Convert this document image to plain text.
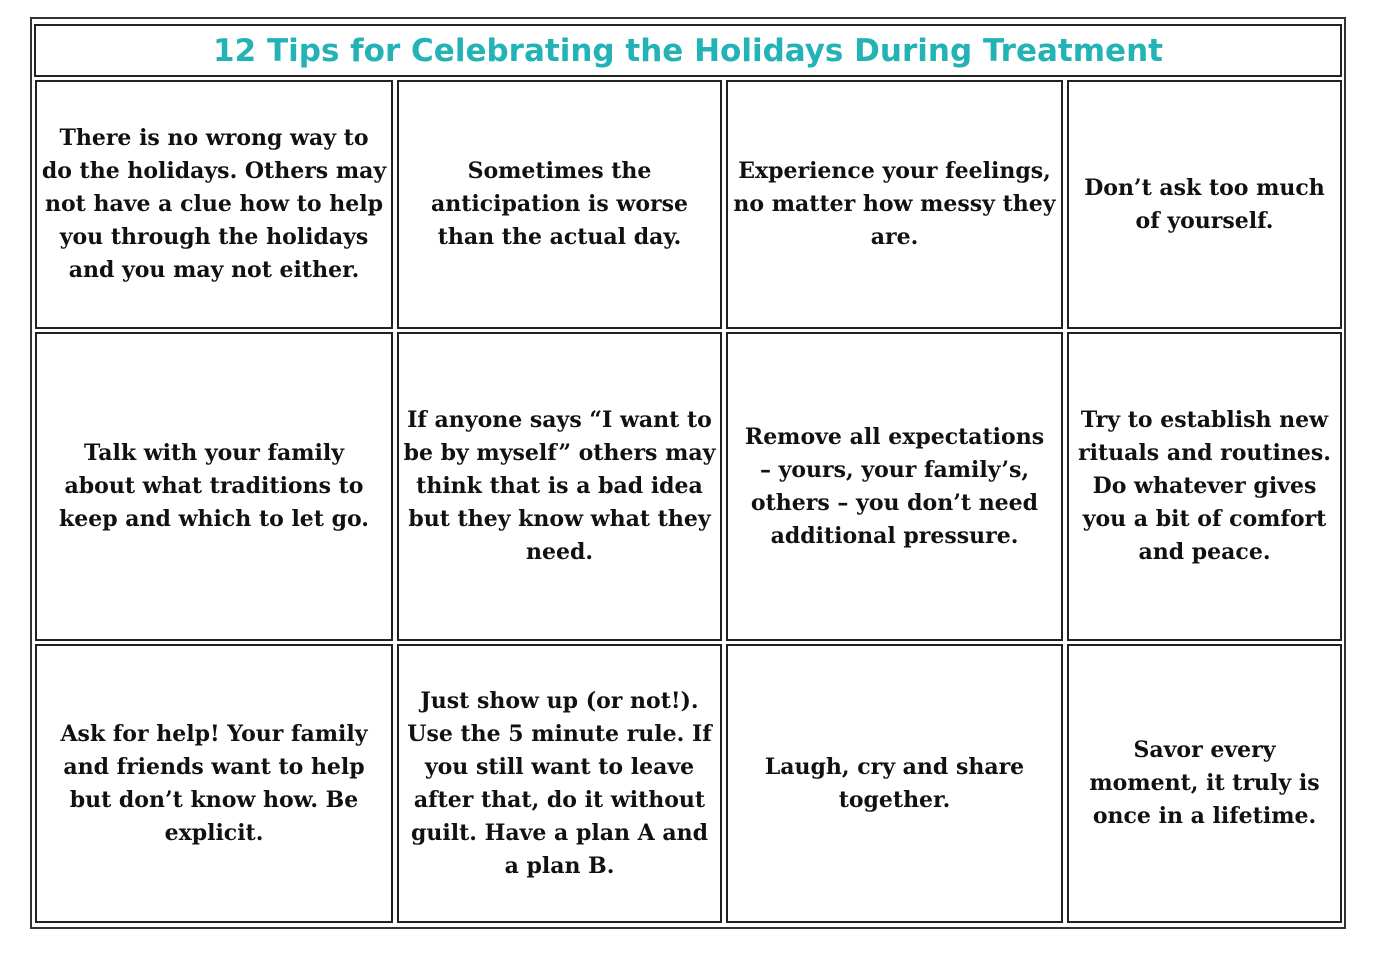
12 Tips for Celebrating the Holidays During Treatment
There is no wrong way to do the holidays. Others may not have a clue how to help you through the holidays and you may not either.
Sometimes the anticipation is worse than the actual day.
Experience your feelings, no matter how messy they are.
Don’t ask too much of yourself.
Talk with your family about what traditions to keep and which to let go.
If anyone says “I want to be by myself” others may think that is a bad idea but they know what they need.
Remove all expectations – yours, your family’s, others – you don’t need additional pressure.
Try to establish new rituals and routines. Do whatever gives you a bit of comfort and peace.
Ask for help! Your family and friends want to help but don’t know how. Be explicit.
Just show up (or not!). Use the 5 minute rule. If you still want to leave after that, do it without guilt. Have a plan A and a plan B.
Laugh, cry and share together.
Savor every moment, it truly is once in a lifetime.
